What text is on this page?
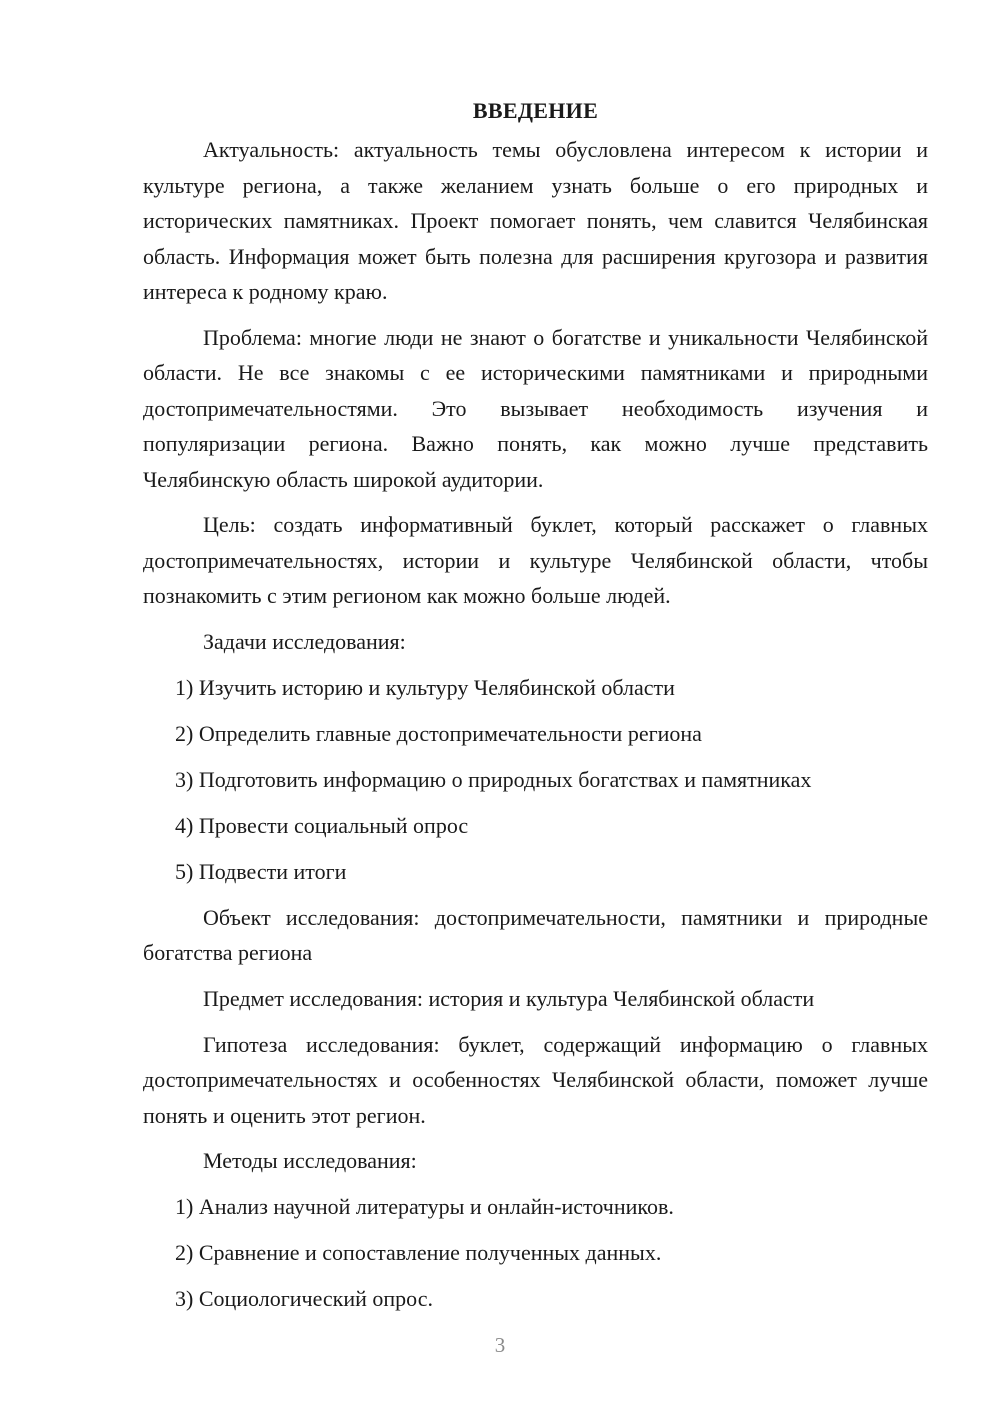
ВВЕДЕНИЕ

Актуальность: актуальность темы обусловлена интересом к истории и культуре региона, а также желанием узнать больше о его природных и исторических памятниках. Проект помогает понять, чем славится Челябинская область. Информация может быть полезна для расширения кругозора и развития интереса к родному краю.

Проблема: многие люди не знают о богатстве и уникальности Челябинской области. Не все знакомы с ее историческими памятниками и природными достопримечательностями. Это вызывает необходимость изучения и популяризации региона. Важно понять, как можно лучше представить Челябинскую область широкой аудитории.

Цель: создать информативный буклет, который расскажет о главных достопримечательностях, истории и культуре Челябинской области, чтобы познакомить с этим регионом как можно больше людей.

Задачи исследования:
1) Изучить историю и культуру Челябинской области
2) Определить главные достопримечательности региона
3) Подготовить информацию о природных богатствах и памятниках
4) Провести социальный опрос
5) Подвести итоги

Объект исследования: достопримечательности, памятники и природные богатства региона

Предмет исследования: история и культура Челябинской области

Гипотеза исследования: буклет, содержащий информацию о главных достопримечательностях и особенностях Челябинской области, поможет лучше понять и оценить этот регион.

Методы исследования:
1) Анализ научной литературы и онлайн-источников.
2) Сравнение и сопоставление полученных данных.
3) Социологический опрос.
3
